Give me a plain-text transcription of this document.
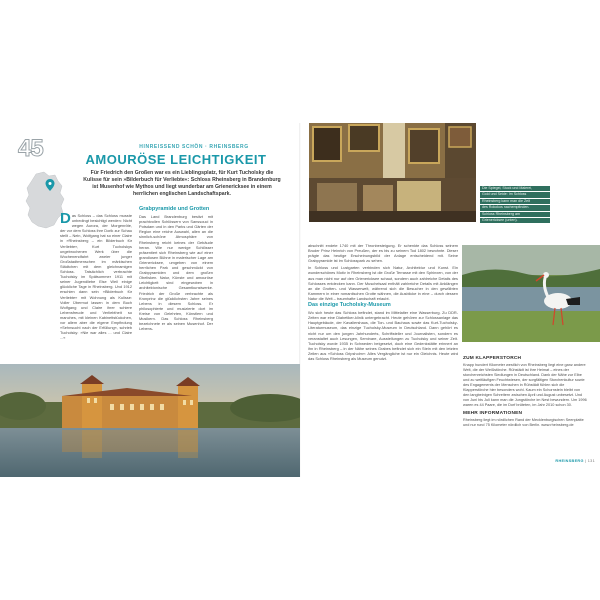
45	HINREISSEND SCHÖN · RHEINSBERG
AMOURÖSE LEICHTIGKEIT
Für Friedrich den Großen war es ein Lieblingsplatz, für Kurt Tucholsky die Kulisse für sein »Bilderbuch für Verliebte«: Schloss Rheinsberg in Brandenburg ist Musenhof wie Mythos und liegt wunderbar am Grienericksee in einem herrlichen englischen Landschaftspark.

Das Schloss – das Schloss musste unbedingt besichtigt werden: Nicht wegen Aurora, der Morgenröte, der vor dem Schloss ihre Dorik zur Schau stellt – Nein, Wolfgang hat so einer Claire in »Rheinsberg – ein Bilderbuch für Verliebte«, Kurt Tucholskys ungebrochenen Werk über die Wochenendfahrt zweier junger Großstadtmenschen im märkischen Städtchen mit dem gleichnamigen Schloss. Tatsächlich verbrachte Tucholsky im Spätsommer 1911 mit seiner Jugendliebe Else Weil einige glückliche Tage in Rheinsberg. Und 1912 erschien dann sein »Bilderbuch für Verliebte« mit Wohnung als Kulisse: Voller Übermut lassen in dem Buch Wolfgang und Claire ihrer schiere Lebensfreude und Verliebtheit so manches, mit kleinen Kabinettstückchen, vor allem aber die eigene Empfindung »Sehnsucht nach der Erfüllung«, schrieb Tucholsky: »Nie war alles ... und Claire ...«

Grabpyramide und Grotten

Das Land Brandenburg besitzt mit prachtvollen Schlössern von Sanssouci in Potsdam und in den Parks und Gärten der Region eine reiche Auswahl, allen an die sinnlich-schöne Atmosphäre von Rheinsberg reicht keines der Gebäude heran. Wie nur wenige Schlösser präsentiert sich Rheinsberg wie auf einer grandiosen Bühne in malerischer Lage am Grienericksee, umgeben von einem herrlichen Park und geschmückt von Grabpyramiden und dem großen Obelisken. Natur, Künste und amouröse Leichtigkeit sind eingewoben in architektonische Gesamtkunstwerke. Friedrich der Große verbrachte als Kronprinz die glücklichsten Jahre seines Lebens in diesem Schloss. Er philosophierte und musizierte dort im Kreise von Gelehrten, Künstlern und Musikern. Das Schloss Rheinsberg bezeichnete er als seinen Musenhof. Der Lebens-

Die Spiegel, Stuck und Malerei,
Gold und Seide: Im Schloss
Rheinsberg kann man die Zeit
des Rokokos nachempfinden.
Schloss Rheinsberg am
Grienericksee (unten).

abschnitt endete 1740 mit der Thronbesteigung. Er schenkte das Schloss seinem Bruder Prinz Heinrich von Preußen, der es bis zu seinem Tod 1802 bewohnte. Dieser prägte das heutige Erscheinungsbild der Anlage entscheidend mit. Seine Grabpyramide ist im Schlosspark zu sehen.

In Schloss und Lustgarten verbinden sich Natur, Architektur und Kunst. Ein wunderschönes Motiv in Rheinsberg ist die Große Terrasse mit den Sphinxen, von der aus man nicht nur auf den Grienericksee schaut, sondern auch zahlreiche Details des Schlosses entdecken kann. Der Muschelsaal enthält zahlreiche Details mit Anklängen an die Grotten- und Wasserwelt, während sich die Besucher in den gewölbten Kammern in einer romantischen Grotte wähnen, die Ausblicke in eine – durch dessen Natur die Welt – traumhafte Landschaft erlaubt.

Das einzige Tucholsky-Museum

Wo sich heute das Schloss befindet, stand im Mittelalter eine Wasserburg. Zu DDR-Zeiten war eine Diabetiker-klinik untergebracht. Heute gehören zur Schlossanlage das Hauptgebäude, der Kavaliershaus, die Ton- und Bauhaus sowie das Kurt-Tucholsky-Literaturmuseum, das einzige Tucholsky-Museum in Deutschland. Dann gehört es nicht nur um den jungen Jahrhunderts, Schriftsteller und Journalisten, sondern es veranstaltet auch Lesungen, Seminare, Ausstellungen zu Tucholsky und seiner Zeit. Tucholsky wurde 1935 in Schweden beigesetzt, doch eine Gedenkstätte erinnert an ihn in Rheinsberg – in der Nähe seines Grabes befindet sich ein Stein mit den letzten Zeilen aus »Schloss Gripsholm«: Alles Vergängliche ist nur ein Gleichnis. Heute wird das Schloss Rheinsberg als Museum genutzt.	ZUM KLAPPERSTORCH

Knapp hundert Kilometer westlich von Rheinsberg liegt eine ganz andere Welt, die der Weißstörche. Rühstädt ist ihre Heimat – eines der storchenreichsten Siedlungen in Deutschland. Dank der Nähe zur Elbe und zu weitläufigen Feuchtwiesen, der sorgfältigen Storchenkultur sowie des Engagements der Menschen in Rühstädt fühlen sich die Klapperstörche hier besonders wohl. Kaum ein Schornstein bleibt von den langbeinigen Schreitern zwischen April und August unbesetzt. Und von Juni bis Juli kann man die Jungstörche im Nest bewundern. Um 1996 waren es 44 Paare, die im Dorf brüteten, im Jahr 2010 schon 30.

MEHR INFORMATIONEN

Rheinsberg liegt im nördlichen Rand der Mecklenburgischen Seenplatte und nur rund 75 Kilometer nördlich von Berlin. www.rheinsberg.de

RHEINSBERG | 131
